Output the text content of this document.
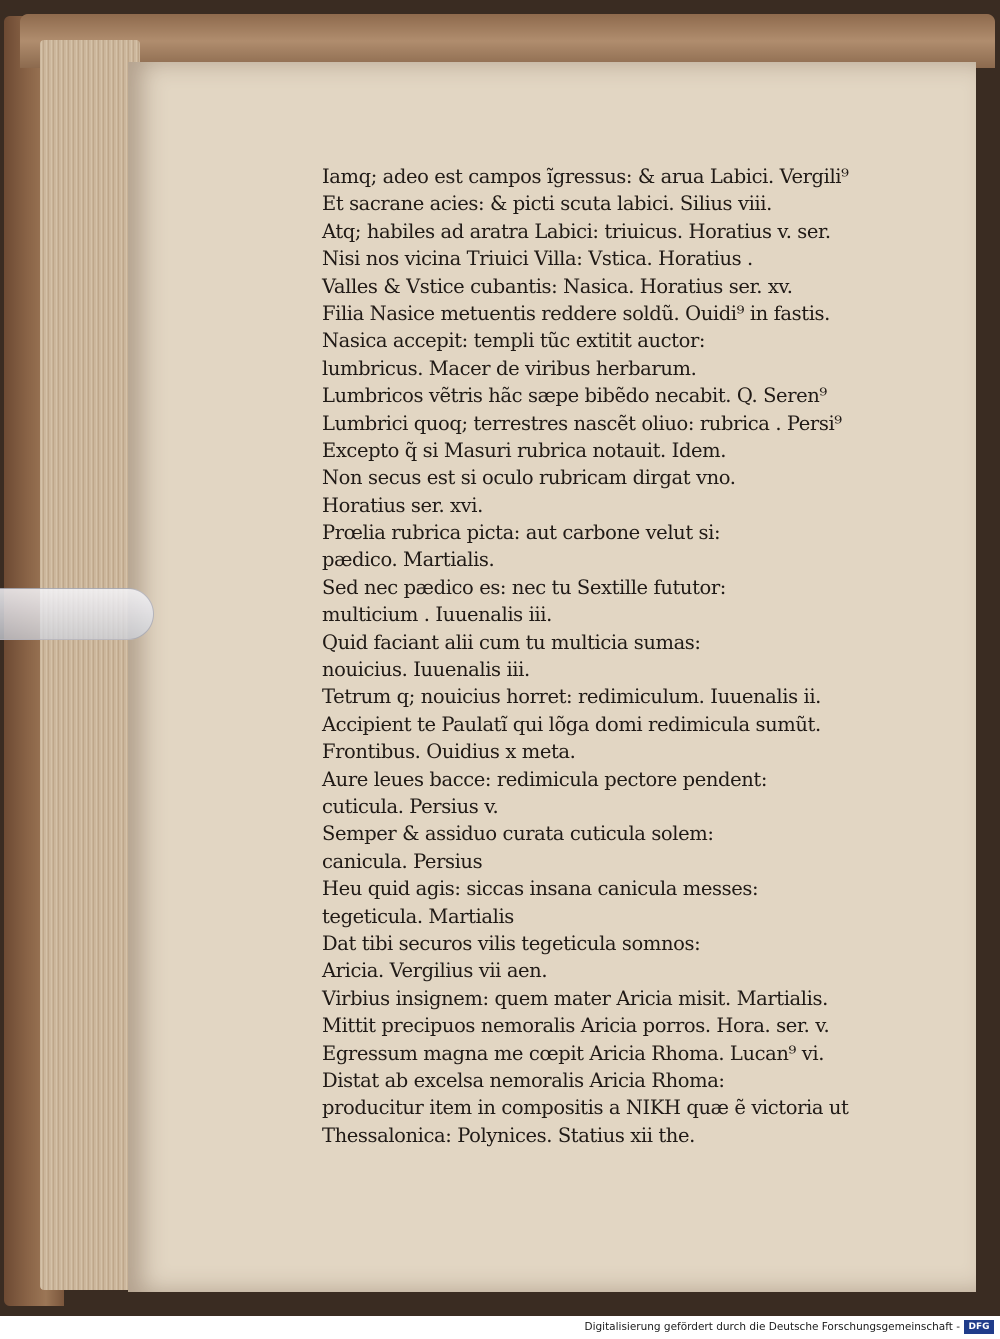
Iamq; adeo est campos ĩgressus: & arua Labici. Vergili⁹
Et sacrane acies: & picti scuta labici. Silius viii.
Atq; habiles ad aratra Labici: triuicus. Horatius v. ser.
Nisi nos vicina Triuici Villa: Vstica. Horatius .
Valles & Vstice cubantis: Nasica. Horatius ser. xv.
Filia Nasice metuentis reddere soldũ. Ouidi⁹ in fastis.
Nasica accepit: templi tũc extitit auctor:
lumbricus. Macer de viribus herbarum.
Lumbricos vẽtris hãc sæpe bibẽdo necabit. Q. Seren⁹
Lumbrici quoq; terrestres nascẽt oliuo: rubrica . Persi⁹
Excepto q̃ si Masuri rubrica notauit. Idem.
Non secus est si oculo rubricam dirgat vno.
Horatius ser. xvi.
Prœlia rubrica picta: aut carbone velut si:
pædico. Martialis.
Sed nec pædico es: nec tu Sextille fututor:
multicium . Iuuenalis iii.
Quid faciant alii cum tu multicia sumas:
nouicius. Iuuenalis iii.
Tetrum q; nouicius horret: redimiculum. Iuuenalis ii.
Accipient te Paulatĩ qui lõga domi redimicula sumũt.
Frontibus. Ouidius x meta.
Aure leues bacce: redimicula pectore pendent:
cuticula. Persius v.
Semper & assiduo curata cuticula solem:
canicula. Persius
Heu quid agis: siccas insana canicula messes:
tegeticula. Martialis
Dat tibi securos vilis tegeticula somnos:
Aricia. Vergilius vii aen.
Virbius insignem: quem mater Aricia misit. Martialis.
Mittit precipuos nemoralis Aricia porros. Hora. ser. v.
Egressum magna me cœpit Aricia Rhoma. Lucan⁹ vi.
Distat ab excelsa nemoralis Aricia Rhoma:
producitur item in compositis a ΝΙΚΗ quæ ẽ victoria ut
Thessalonica: Polynices. Statius xii the.
Digitalisierung gefördert durch die Deutsche Forschungsgemeinschaft - DFG
